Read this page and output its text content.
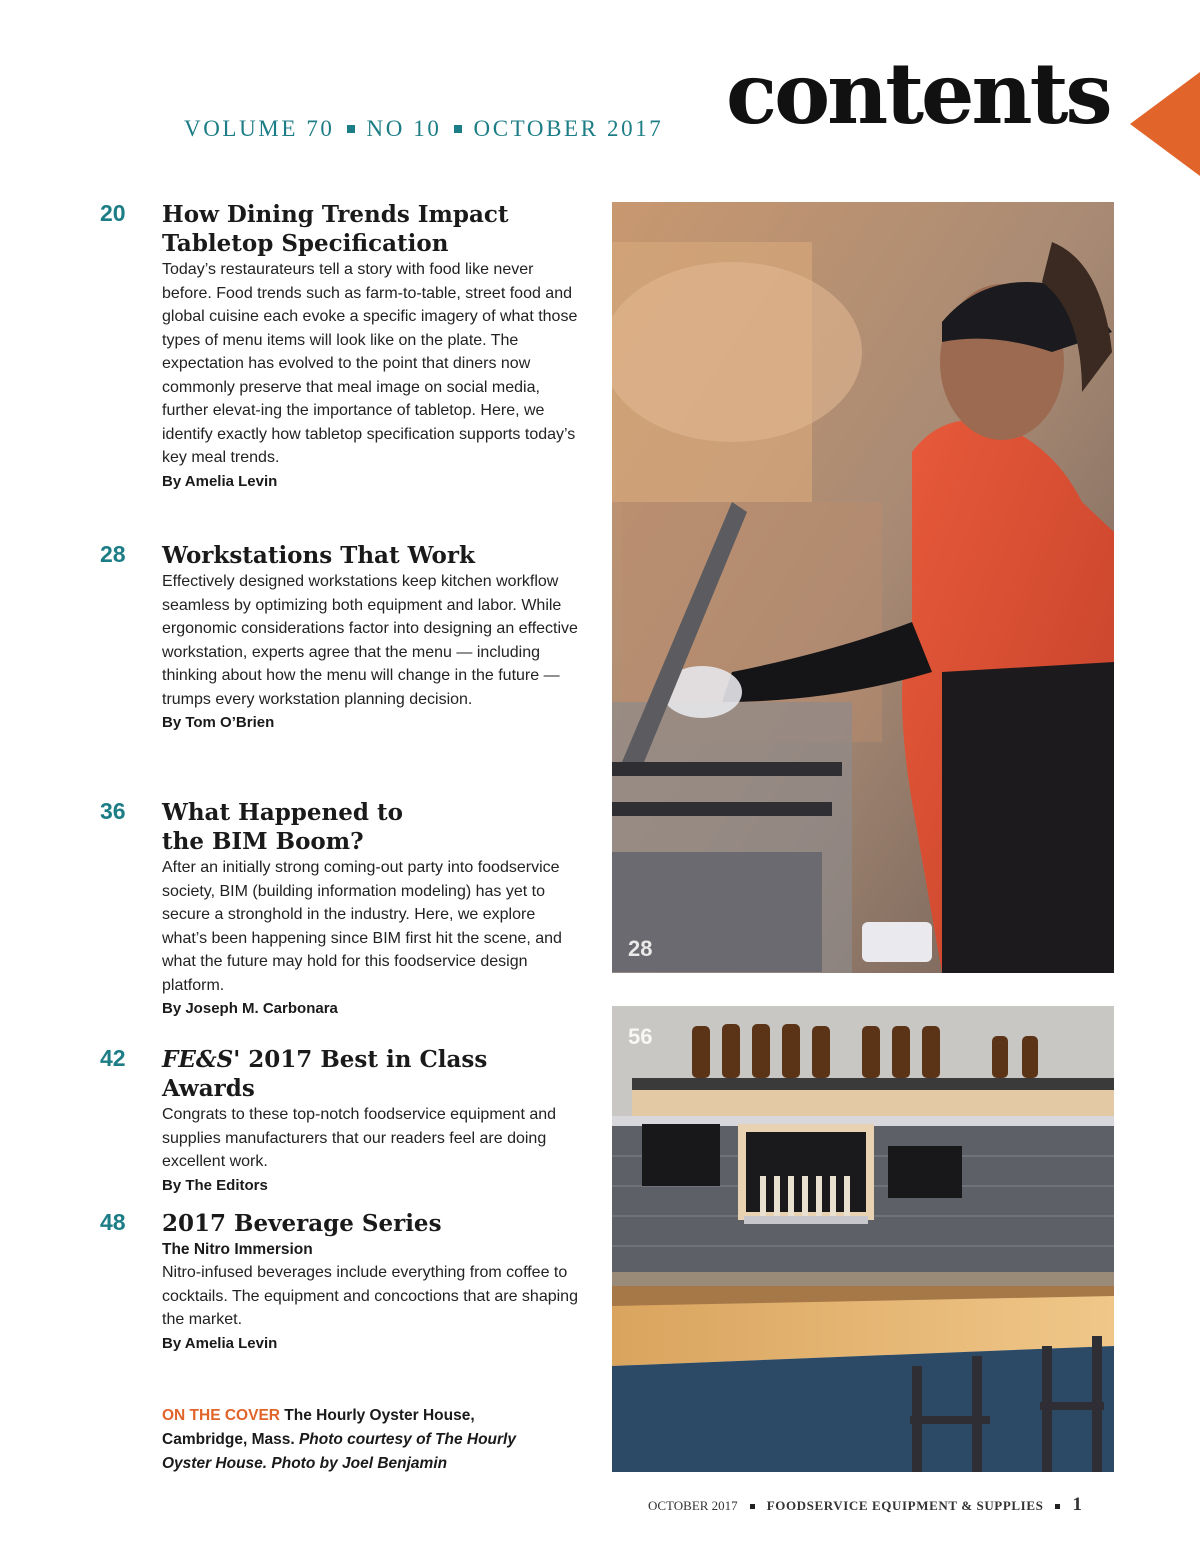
VOLUME 70 NO 10 OCTOBER 2017 contents
20 How Dining Trends Impact
Tabletop Specification

Today’s restaurateurs tell a story with food like never before. Food trends such as farm-to-table, street food and global cuisine each evoke a specific imagery of what those types of menu items will look like on the plate. The expectation has evolved to the point that diners now commonly preserve that meal image on social media, further elevat-ing the importance of tabletop. Here, we identify exactly how tabletop specification supports today’s key meal trends.

By Amelia Levin
28 Workstations That Work

Effectively designed workstations keep kitchen workflow seamless by optimizing both equipment and labor. While ergonomic considerations factor into designing an effective workstation, experts agree that the menu — including thinking about how the menu will change in the future — trumps every workstation planning decision.

By Tom O’Brien
36 What Happened to
the BIM Boom?

After an initially strong coming-out party into foodservice society, BIM (building information modeling) has yet to secure a stronghold in the industry. Here, we explore what’s been happening since BIM first hit the scene, and what the future may hold for this foodservice design platform.

By Joseph M. Carbonara
42 FE&S' 2017 Best in Class Awards

Congrats to these top-notch foodservice equipment and supplies manufacturers that our readers feel are doing excellent work.

By The Editors
48 2017 Beverage Series
The Nitro Immersion

Nitro-infused beverages include everything from coffee to cocktails. The equipment and concoctions that are shaping the market.

By Amelia Levin
ON THE COVER The Hourly Oyster House, Cambridge, Mass. Photo courtesy of The Hourly Oyster House. Photo by Joel Benjamin
28
56
OCTOBER 2017 FOODSERVICE EQUIPMENT & SUPPLIES 1
